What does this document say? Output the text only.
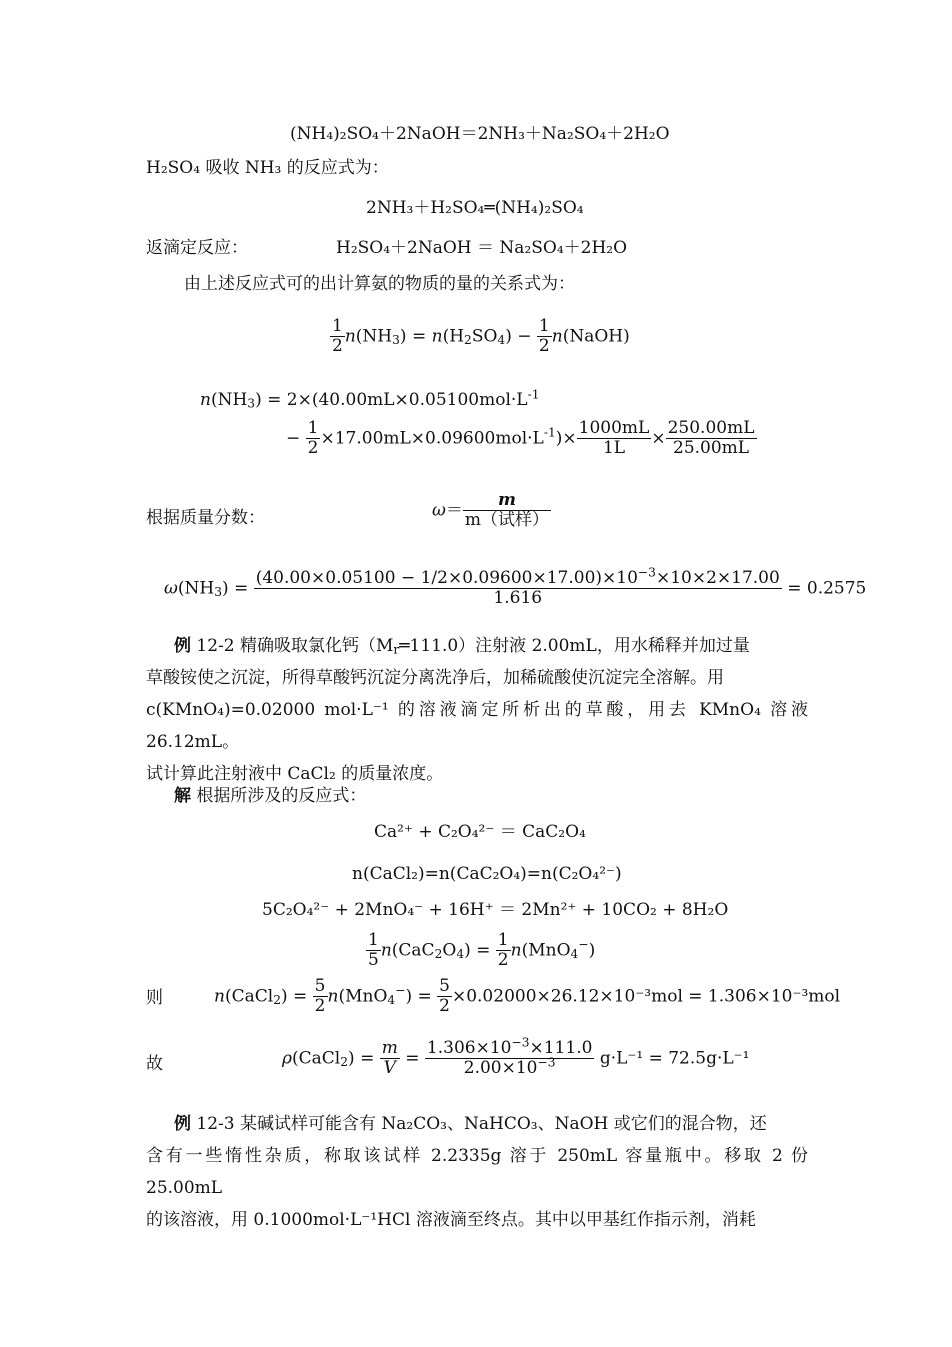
(NH₄)₂SO₄＋2NaOH＝2NH₃＋Na₂SO₄＋2H₂O
H₂SO₄ 吸收 NH₃ 的反应式为：
2NH₃＋H₂SO₄═(NH₄)₂SO₄
返滴定反应：	H₂SO₄＋2NaOH ＝ Na₂SO₄＋2H₂O
由上述反应式可的出计算氨的物质的量的关系式为：
$\frac{1}{2} n(NH_3) = n(H_2SO_4) - \frac{1}{2}$ n(NaOH)
$n(NH_3) = 2\times(40.00mL\times 0.05100mol\cdot L^{-1}$
− $\frac{1}{2} \times 17.00mL\times 0.09600mol\cdot L^{-1})\times \frac{1000mL}{1L} \times \frac{250.00mL}{25.00mL}$
根据质量分数：	$\omega= \frac{m}{\text{m（试样）}}$
$\omega(NH_3) = \frac{(40.00\times 0.05100 - 1/2\times 0.09600\times 17.00)\times 10^{-3}\times 10\times 2\times 17.00}{1.616} = 0.2575$

例 12-2 精确吸取氯化钙$(M_r═111.0)$注射液 2.00mL，用水稀释并加过量

草酸铵使之沉淀，所得草酸钙沉淀分离洗净后，加稀硫酸使沉淀完全溶解。用

c(KMnO₄)=0.02000 mol·L⁻¹ 的溶液滴定所析出的草酸，用去 KMnO₄ 溶液 26.12mL。

试计算此注射液中 CaCl₂ 的质量浓度。

解 根据所涉及的反应式：
Ca²⁺ + C₂O₄²⁻ ＝ CaC₂O₄
n(CaCl₂)=n(CaC₂O₄)=n(C₂O₄²⁻)
5C₂O₄²⁻ + 2MnO₄⁻ + 16H⁺ ＝ 2Mn²⁺ + 10CO₂ + 8H₂O
$\frac{1}{5} n(CaC_2O_4) = \frac{1}{2} n(MnO_4^-)$
则	n(CaCl$_2$) = $\frac{5}{2} n(MnO_4^-) = \frac{5}{2} \times 0.02000\times 26.12\times 10^{-3}mol = 1.306\times 10^{-3}mol$
故	ρ(CaCl$_2$) = $\frac{m}{V} = \frac{1.306\times 10^{-3}\times 111.0}{2.00\times 10^{-3}} g\cdot L^{-1} = 72.5g\cdot L^{-1}$

例 12-3 某碱试样可能含有 Na₂CO₃、NaHCO₃、NaOH 或它们的混合物，还

含有一些惰性杂质，称取该试样 2.2335g 溶于 250mL 容量瓶中。移取 2 份 25.00mL

的该溶液，用 0.1000mol·L⁻¹HCl 溶液滴至终点。其中以甲基红作指示剂，消耗
